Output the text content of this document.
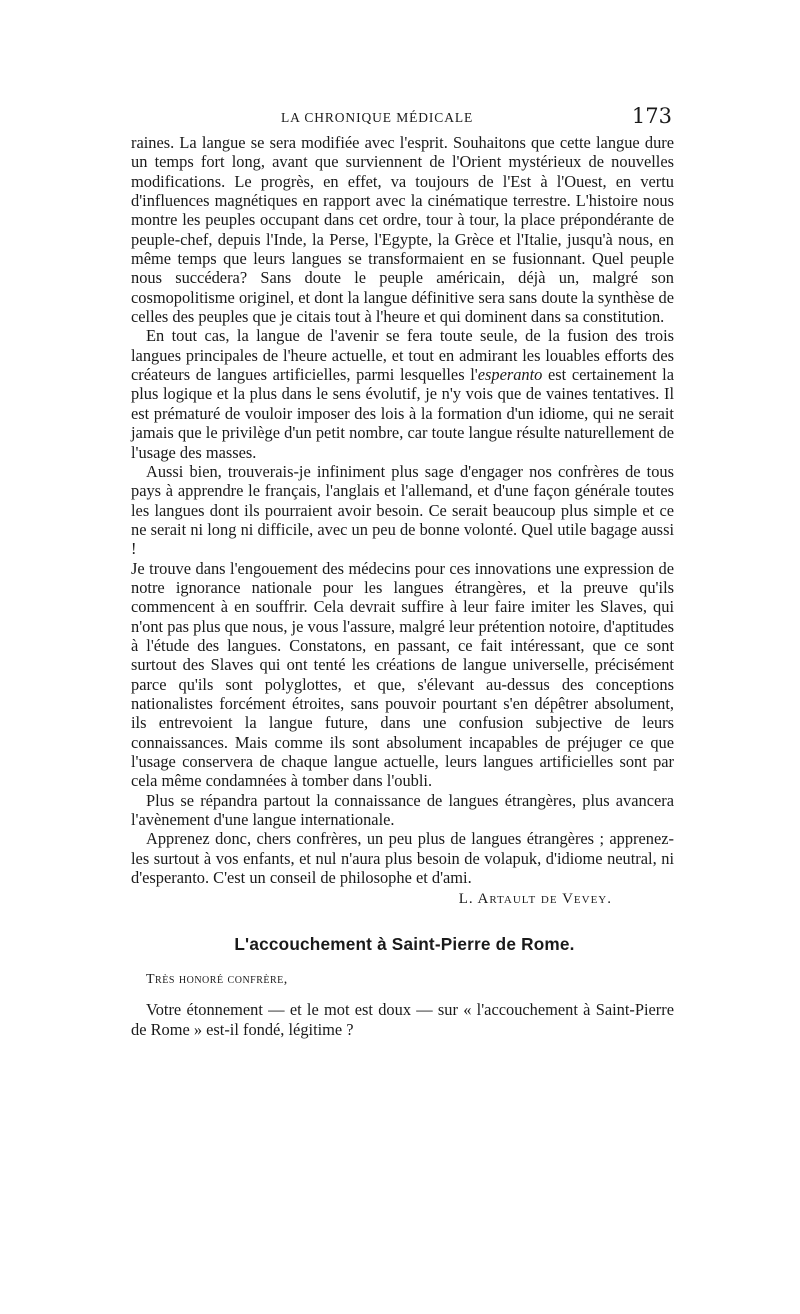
LA CHRONIQUE MÉDICALE	173

raines. La langue se sera modifiée avec l'esprit. Souhaitons que cette langue dure un temps fort long, avant que surviennent de l'Orient mystérieux de nouvelles modifications. Le progrès, en effet, va toujours de l'Est à l'Ouest, en vertu d'influences magnétiques en rapport avec la cinématique terrestre. L'histoire nous montre les peuples occupant dans cet ordre, tour à tour, la place prépondérante de peuple-chef, depuis l'Inde, la Perse, l'Egypte, la Grèce et l'Italie, jusqu'à nous, en même temps que leurs langues se transformaient en se fusionnant. Quel peuple nous succédera? Sans doute le peuple américain, déjà un, malgré son cosmopolitisme originel, et dont la langue définitive sera sans doute la synthèse de celles des peuples que je citais tout à l'heure et qui dominent dans sa constitution.

En tout cas, la langue de l'avenir se fera toute seule, de la fusion des trois langues principales de l'heure actuelle, et tout en admirant les louables efforts des créateurs de langues artificielles, parmi lesquelles l'esperanto est certainement la plus logique et la plus dans le sens évolutif, je n'y vois que de vaines tentatives. Il est prématuré de vouloir imposer des lois à la formation d'un idiome, qui ne serait jamais que le privilège d'un petit nombre, car toute langue résulte naturellement de l'usage des masses.

Aussi bien, trouverais-je infiniment plus sage d'engager nos confrères de tous pays à apprendre le français, l'anglais et l'allemand, et d'une façon générale toutes les langues dont ils pourraient avoir besoin. Ce serait beaucoup plus simple et ce ne serait ni long ni difficile, avec un peu de bonne volonté. Quel utile bagage aussi !

Je trouve dans l'engouement des médecins pour ces innovations une expression de notre ignorance nationale pour les langues étrangères, et la preuve qu'ils commencent à en souffrir. Cela devrait suffire à leur faire imiter les Slaves, qui n'ont pas plus que nous, je vous l'assure, malgré leur prétention notoire, d'aptitudes à l'étude des langues. Constatons, en passant, ce fait intéressant, que ce sont surtout des Slaves qui ont tenté les créations de langue universelle, précisément parce qu'ils sont polyglottes, et que, s'élevant au-dessus des conceptions nationalistes forcément étroites, sans pouvoir pourtant s'en dépêtrer absolument, ils entrevoient la langue future, dans une confusion subjective de leurs connaissances. Mais comme ils sont absolument incapables de préjuger ce que l'usage conservera de chaque langue actuelle, leurs langues artificielles sont par cela même condamnées à tomber dans l'oubli.

Plus se répandra partout la connaissance de langues étrangères, plus avancera l'avènement d'une langue internationale.

Apprenez donc, chers confrères, un peu plus de langues étrangères ; apprenez-les surtout à vos enfants, et nul n'aura plus besoin de volapuk, d'idiome neutral, ni d'esperanto. C'est un conseil de philosophe et d'ami.

L. Artault de Vevey.
L'accouchement à Saint-Pierre de Rome.
Très honoré confrère,

Votre étonnement — et le mot est doux — sur « l'accouchement à Saint-Pierre de Rome » est-il fondé, légitime ?
